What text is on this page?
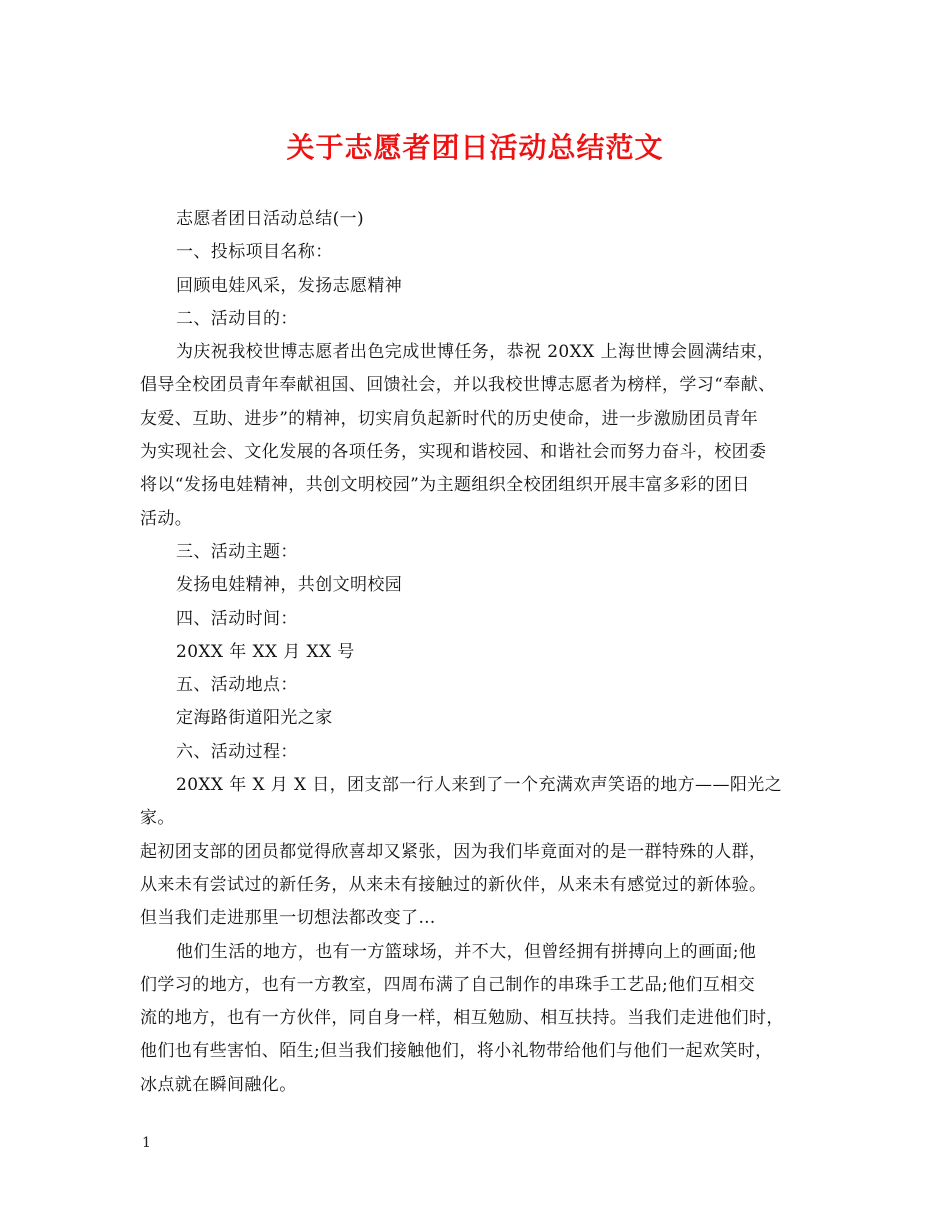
关于志愿者团日活动总结范文

志愿者团日活动总结(一)

一、投标项目名称：

回顾电娃风采，发扬志愿精神

二、活动目的：

为庆祝我校世博志愿者出色完成世博任务，恭祝 20XX 上海世博会圆满结束，

倡导全校团员青年奉献祖国、回馈社会，并以我校世博志愿者为榜样，学习“奉献、

友爱、互助、进步”的精神，切实肩负起新时代的历史使命，进一步激励团员青年

为实现社会、文化发展的各项任务，实现和谐校园、和谐社会而努力奋斗，校团委

将以“发扬电娃精神，共创文明校园”为主题组织全校团组织开展丰富多彩的团日

活动。

三、活动主题：

发扬电娃精神，共创文明校园

四、活动时间：

20XX 年 XX 月 XX 号

五、活动地点：

定海路街道阳光之家

六、活动过程：

20XX 年 X 月 X 日，团支部一行人来到了一个充满欢声笑语的地方——阳光之家。

起初团支部的团员都觉得欣喜却又紧张，因为我们毕竟面对的是一群特殊的人群，

从来未有尝试过的新任务，从来未有接触过的新伙伴，从来未有感觉过的新体验。

但当我们走进那里一切想法都改变了…

他们生活的地方，也有一方篮球场，并不大，但曾经拥有拼搏向上的画面;他

们学习的地方，也有一方教室，四周布满了自己制作的串珠手工艺品;他们互相交

流的地方，也有一方伙伴，同自身一样，相互勉励、相互扶持。当我们走进他们时，

他们也有些害怕、陌生;但当我们接触他们，将小礼物带给他们与他们一起欢笑时，

冰点就在瞬间融化。

1
